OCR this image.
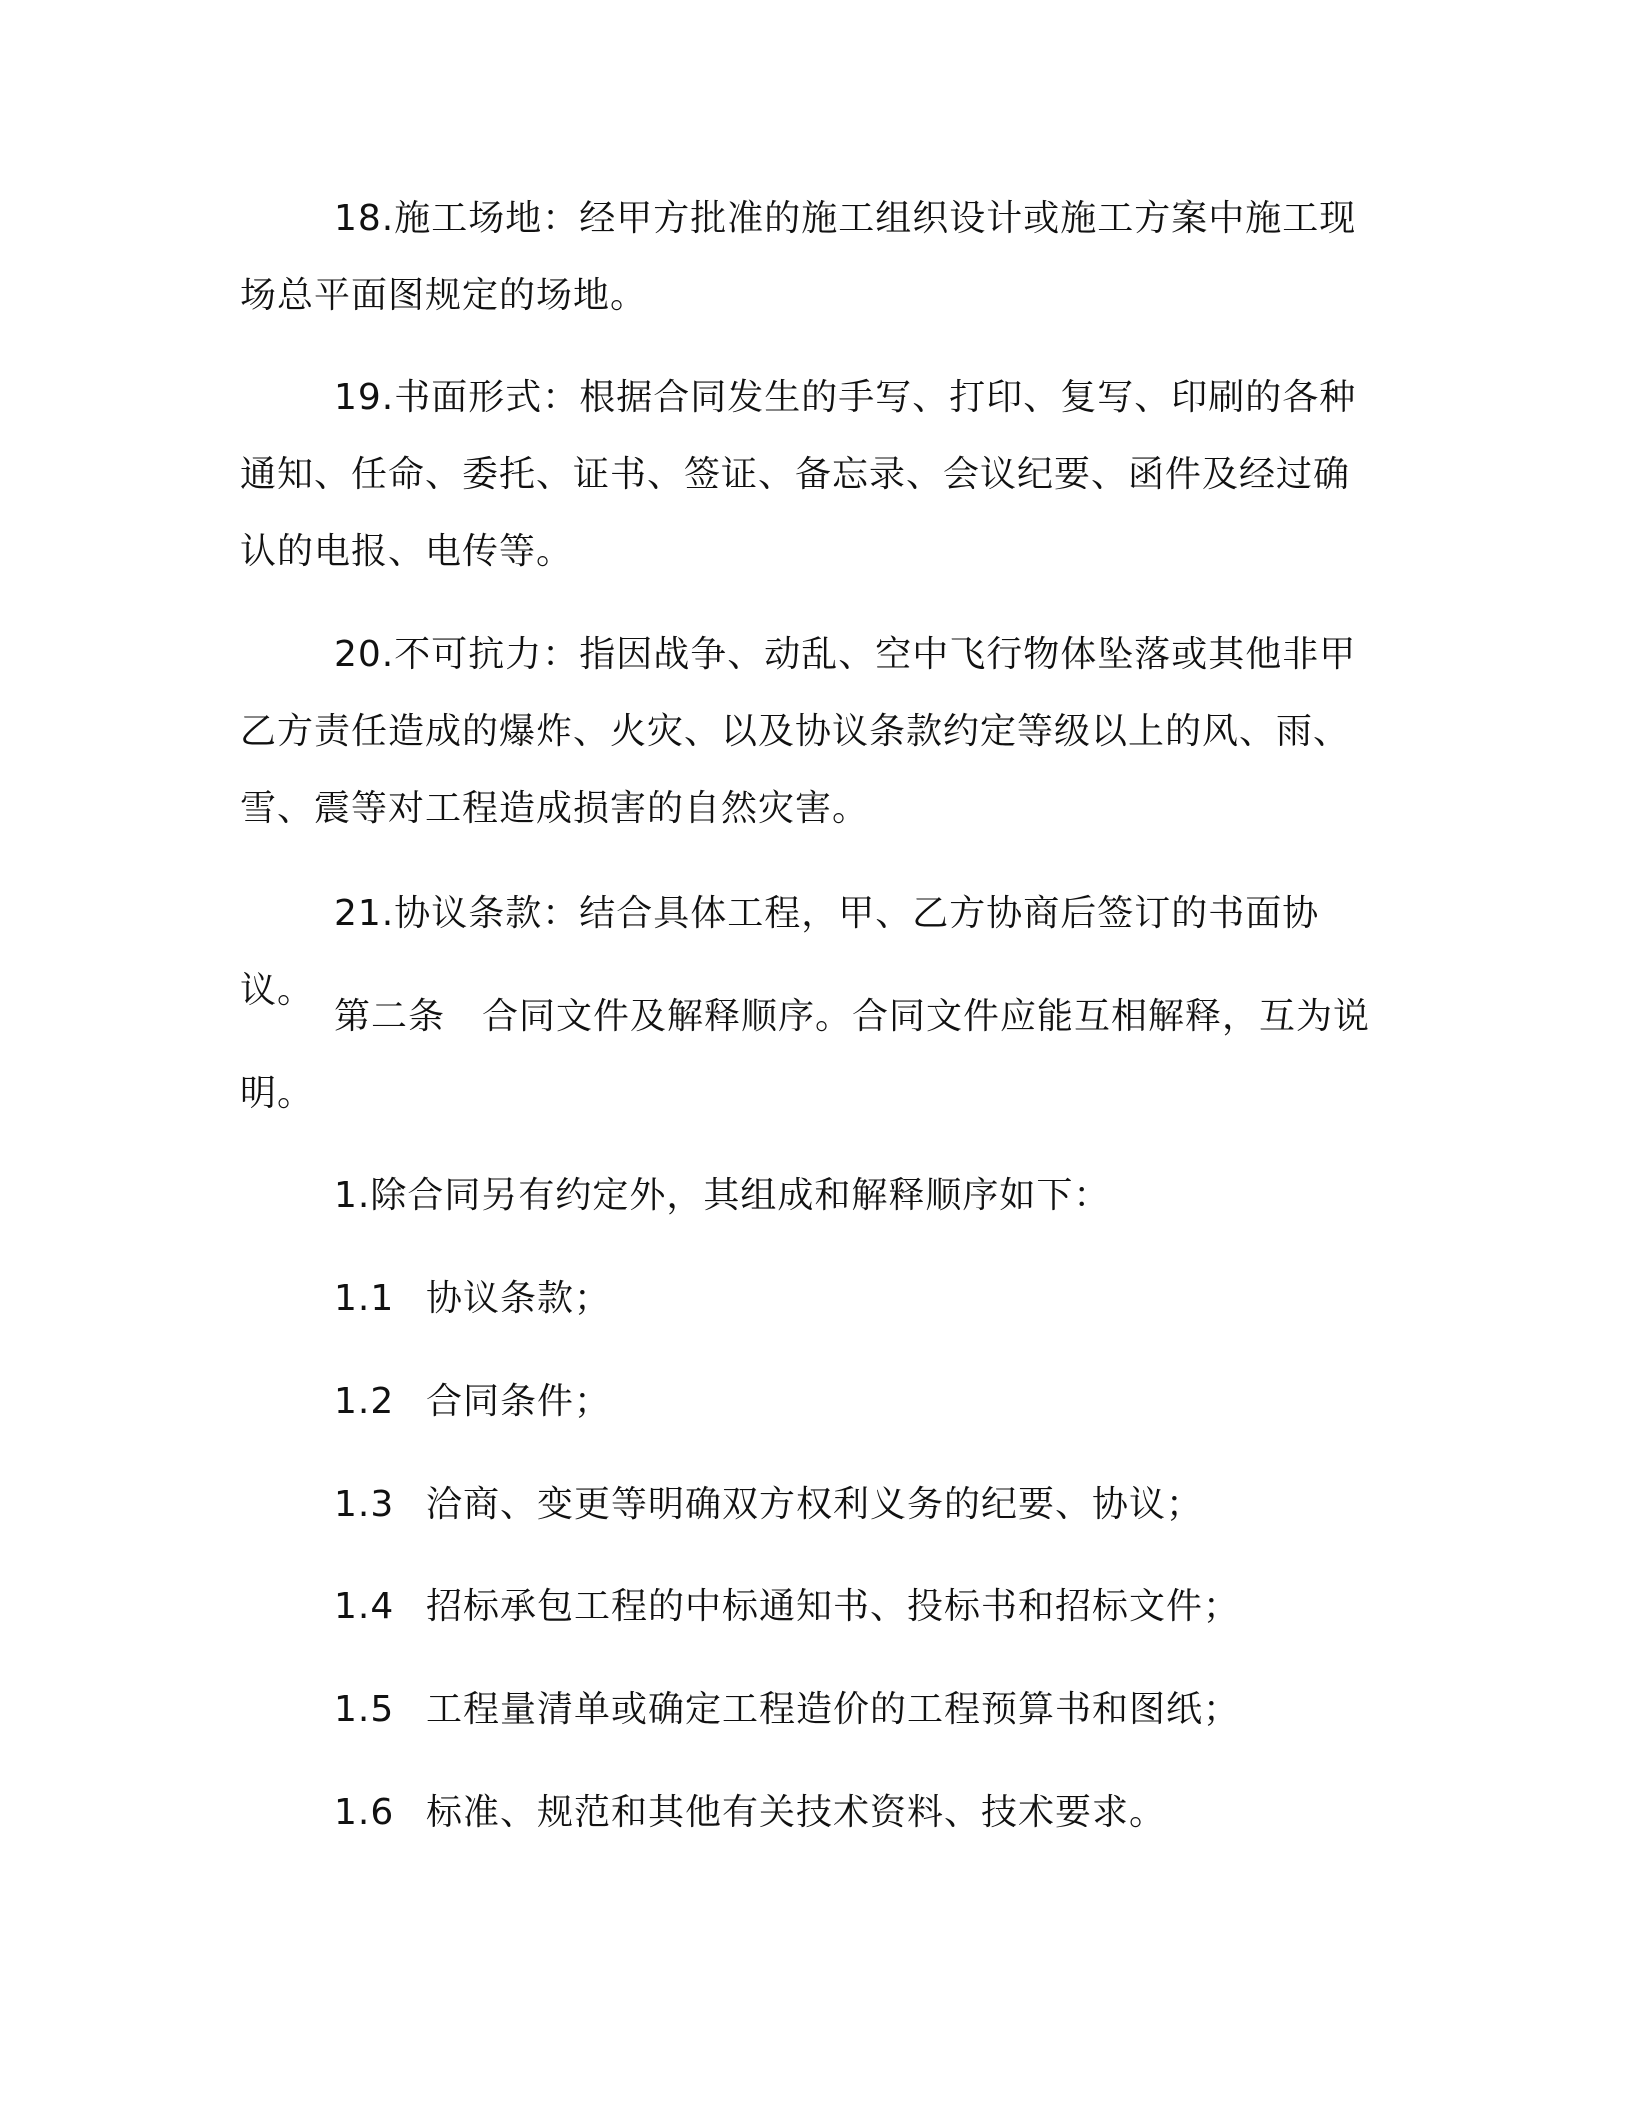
18.施工场地：经甲方批准的施工组织设计或施工方案中施工现场总平面图规定的场地。

19.书面形式：根据合同发生的手写、打印、复写、印刷的各种通知、任命、委托、证书、签证、备忘录、会议纪要、函件及经过确认的电报、电传等。

20.不可抗力：指因战争、动乱、空中飞行物体坠落或其他非甲乙方责任造成的爆炸、火灾、以及协议条款约定等级以上的风、雨、雪、震等对工程造成损害的自然灾害。

21.协议条款：结合具体工程，甲、乙方协商后签订的书面协议。

第二条　合同文件及解释顺序。合同文件应能互相解释，互为说明。

1.除合同另有约定外，其组成和解释顺序如下：

1.1 协议条款；

1.2 合同条件；

1.3 洽商、变更等明确双方权利义务的纪要、协议；

1.4 招标承包工程的中标通知书、投标书和招标文件；

1.5 工程量清单或确定工程造价的工程预算书和图纸；

1.6 标准、规范和其他有关技术资料、技术要求。
